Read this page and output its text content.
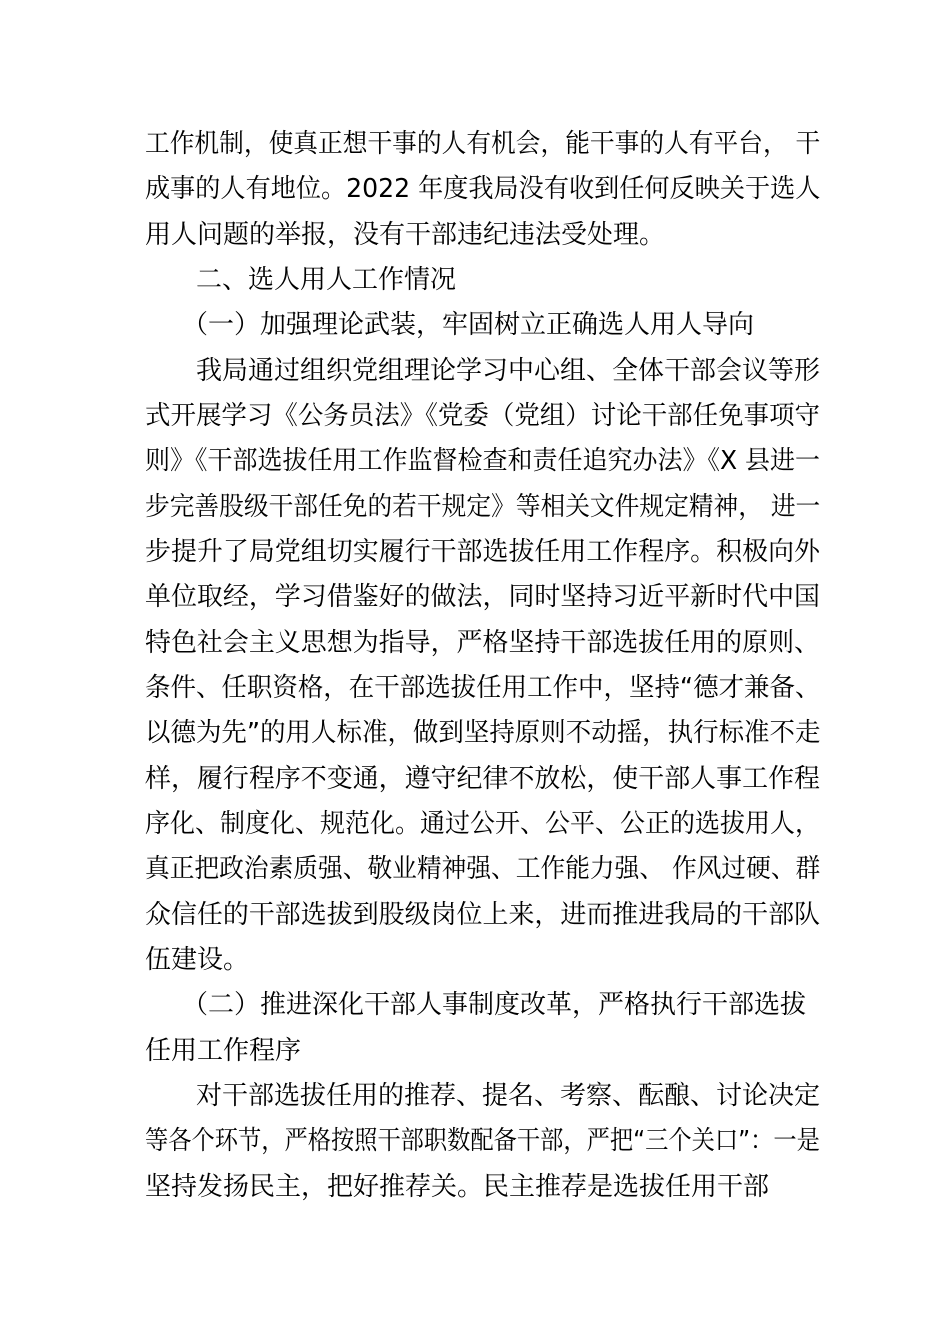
工作机制，使真正想干事的人有机会，能干事的人有平台， 干
成事的人有地位。2022 年度我局没有收到任何反映关于选人
用人问题的举报，没有干部违纪违法受处理。
二、选人用人工作情况
（一）加强理论武装，牢固树立正确选人用人导向
我局通过组织党组理论学习中心组、全体干部会议等形
式开展学习《公务员法》《党委（党组）讨论干部任免事项守
则》《干部选拔任用工作监督检查和责任追究办法》《X 县进一
步完善股级干部任免的若干规定》等相关文件规定精神， 进一
步提升了局党组切实履行干部选拔任用工作程序。积极向外
单位取经，学习借鉴好的做法，同时坚持习近平新时代中国
特色社会主义思想为指导，严格坚持干部选拔任用的原则、
条件、任职资格，在干部选拔任用工作中，坚持“德才兼备、
以德为先”的用人标准，做到坚持原则不动摇，执行标准不走
样，履行程序不变通，遵守纪律不放松，使干部人事工作程
序化、制度化、规范化。通过公开、公平、公正的选拔用人，
真正把政治素质强、敬业精神强、工作能力强、 作风过硬、群
众信任的干部选拔到股级岗位上来，进而推进我局的干部队
伍建设。
（二）推进深化干部人事制度改革，严格执行干部选拔
任用工作程序
对干部选拔任用的推荐、提名、考察、酝酿、讨论决定
等各个环节，严格按照干部职数配备干部，严把“三个关口”：一是
坚持发扬民主，把好推荐关。民主推荐是选拔任用干部
